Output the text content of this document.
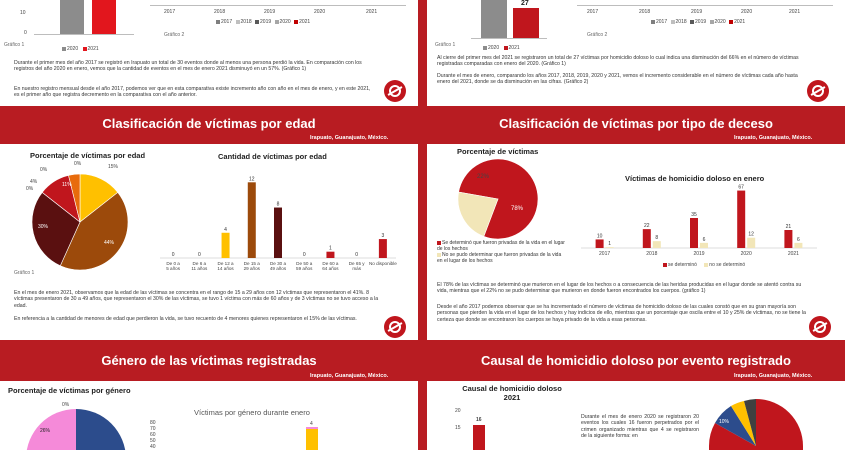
10
0
Gráfico 1
2020 2021
2017	2018	2019	2020	2021
2017 2018 2019 2020 2021
Gráfico 2
Durante el primer mes del año 2017 se registró en Irapuato un total de 30 eventos donde al menos una persona perdió la vida. En comparación con los registros del año 2020 en enero, vemos que la cantidad de eventos en el mes de enero 2021 disminuyó en un 57%. (Gráfico 1)
En nuestro registro mensual desde el año 2017, podemos ver que en esta comparativa existe incremento año con año en el mes de enero, y en este 2021, es el primer año que registra decremento en la comparativa con el año anterior.
27
Gráfico 1	2020 2021
2017	2018	2019	2020	2021
2017 2018 2019 2020 2021
Gráfico 2
Al cierre del primer mes del 2021 se registraron un total de 27 víctimas por homicidio doloso lo cual indica una disminución del 66% en el número de víctimas registradas comparadas con enero del 2020. (Gráfico 1)
Durante el mes de enero, comparando los años 2017, 2018, 2019, 2020 y 2021, vemos el incremento considerable en el número de víctimas cada año hasta enero del 2021, donde se da disminución en las cifras. (Gráfico 2)
Clasificación de víctimas por edad
Irapuato, Guanajuato, México.
Porcentaje de víctimas por edad
15%
44%
30%
11%
4%
0%
0%
0%
Cantidad de víctimas por edad
0
De 0 a 5 años
0
De 6 a 11 años
4
De 12 a 14 años
12
De 15 a 29 años
8
De 30 a 49 años
0
De 50 a 59 años
1
De 60 a 64 años
0
De 65 y más
3
No disponible
Gráfico 1
En el mes de enero 2021, observamos que la edad de las víctimas se concentra en el rango de 15 a 29 años con 12 víctimas que representaron el 41%. 8 víctimas presentaron de 30 a 49 años, que representaron el 30% de las víctimas, se tuvo 1 víctima con más de 60 años y de 3 víctimas no se tuvo acceso a la edad.
En referencia a la cantidad de menores de edad que perdieron la vida, se tuvo recuento de 4 menores quienes representaron el 15% de las víctimas.
Clasificación de víctimas por tipo de deceso
Irapuato, Guanajuato, México.
Porcentaje de víctimas
22%
78%
Se determinó que fueron privadas de la vida en el lugar de los hechos
No se pudo determinar que fueron privadas de la vida en el lugar de los hechos
Víctimas de homicidio doloso en enero
10
1
2017
22
8
2018
35
6
2019
67
12
2020
21
6
2021
se determinó no se determinó
El 78% de las víctimas se determinó que murieron en el lugar de los hechos o a consecuencia de las heridas producidas en el lugar donde se atentó contra su vida, mientras que el 22% no se pudo determinar que murieron en donde fueron encontrados los cuerpos. (gráfico 1)
Desde el año 2017 podemos observar que se ha incrementado el número de víctimas de homicidio doloso de las cuales constó que en su gran mayoría son personas que pierden la vida en el lugar de los hechos y hay indicios de ello, mientras que un porcentaje que oscila entre el 10 y 25% de víctimas, no se tiene la certeza que donde se encontraron los cuerpos se haya privado de la vida a esas personas.
Género de las víctimas registradas
Irapuato, Guanajuato, México.
Porcentaje de víctimas por género
0%
26%
Víctimas por género durante enero
80
70
60
50
40
4
Causal de homicidio doloso por evento registrado
Irapuato, Guanajuato, México.
Causal de homicidio doloso 2021
20
15
16	Durante el mes de enero 2020 se registraron 20 eventos los cuales 16 fueron perpetrados por el crimen organizado mientras que 4 se registraron de la siguiente forma: en
10%
